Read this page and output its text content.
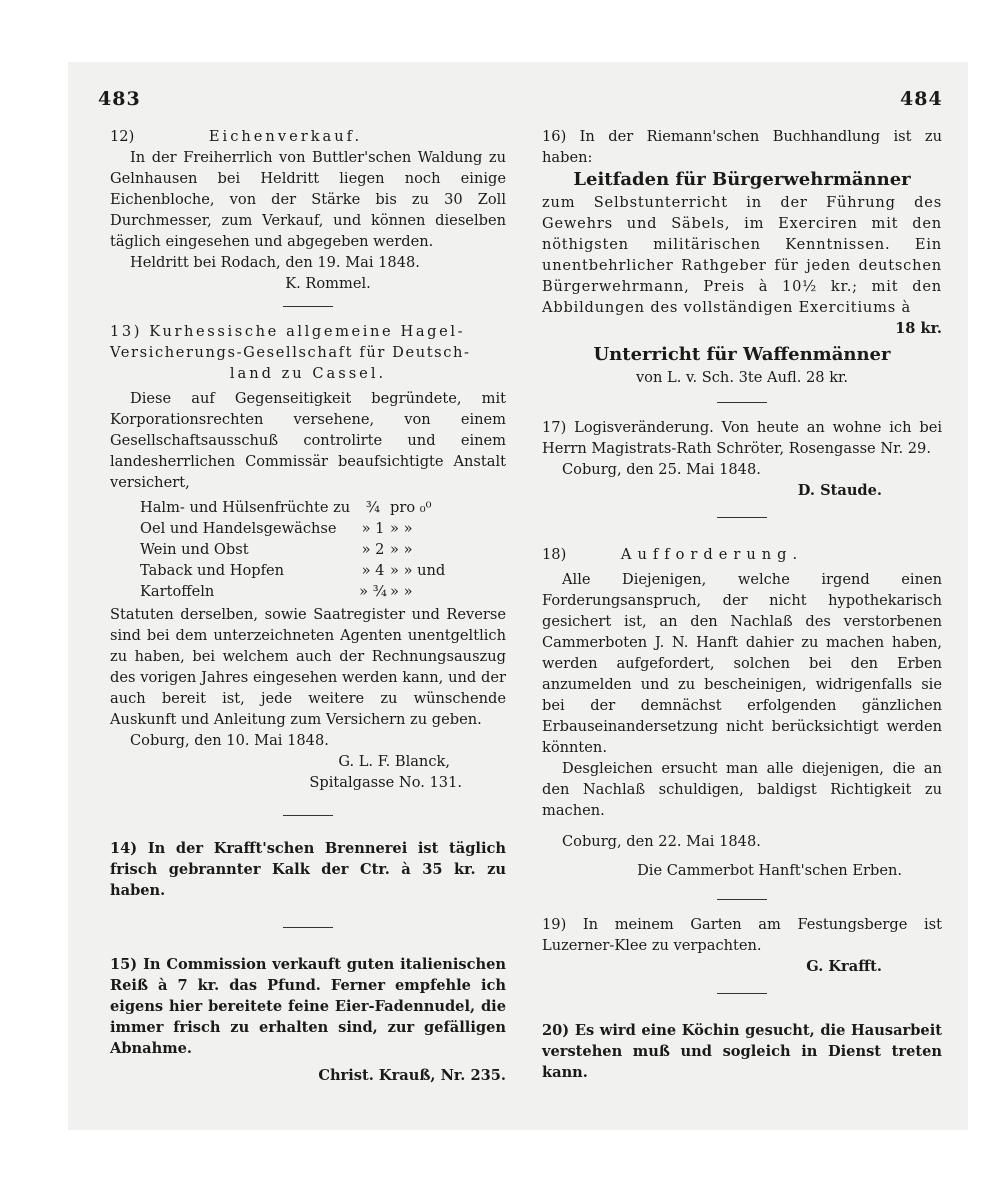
483	484

12)	Eichenverkauf.

In der Freiherrlich von Buttler'schen Waldung zu Gelnhausen bei Heldritt liegen noch einige Eichenbloche, von der Stärke bis zu 30 Zoll Durchmesser, zum Verkauf, und können dieselben täglich eingesehen und abgegeben werden.

Heldritt bei Rodach, den 19. Mai 1848.

K. Rommel.

13) Kurhessische allgemeine Hagel-

Versicherungs-Gesellschaft für Deutsch-

land zu Cassel.

Diese auf Gegenseitigkeit begründete, mit Korporationsrechten versehene, von einem Gesellschaftsausschuß controlirte und einem landesherrlichen Commissär beaufsichtigte Anstalt versichert,

Halm- und Hülsenfrüchte zu	¾ pro ₀⁰
Oel und Handelsgewächse	» 1 » »
Wein und Obst	» 2 » »
Taback und Hopfen	» 4 » » und
Kartoffeln	» ¾ » »

Statuten derselben, sowie Saatregister und Reverse sind bei dem unterzeichneten Agenten unentgeltlich zu haben, bei welchem auch der Rechnungsauszug des vorigen Jahres eingesehen werden kann, und der auch bereit ist, jede weitere zu wünschende Auskunft und Anleitung zum Versichern zu geben.

Coburg, den 10. Mai 1848.

G. L. F. Blanck,

Spitalgasse No. 131.

14) In der Krafft'schen Brennerei ist täglich frisch gebrannter Kalk der Ctr. à 35 kr. zu haben.

15) In Commission verkauft guten italienischen Reiß à 7 kr. das Pfund. Ferner empfehle ich eigens hier bereitete feine Eier-Fadennudel, die immer frisch zu erhalten sind, zur gefälligen Abnahme.

Christ. Krauß, Nr. 235.

16) In der Riemann'schen Buchhandlung ist zu haben:

Leitfaden für Bürgerwehrmänner

zum Selbstunterricht in der Führung des Gewehrs und Säbels, im Exerciren mit den nöthigsten militärischen Kenntnissen. Ein unentbehrlicher Rathgeber für jeden deutschen Bürgerwehrmann, Preis à 10½ kr.; mit den Abbildungen des vollständigen Exercitiums à

18 kr.

Unterricht für Waffenmänner

von L. v. Sch. 3te Aufl. 28 kr.

17) Logisveränderung. Von heute an wohne ich bei Herrn Magistrats-Rath Schröter, Rosengasse Nr. 29.

Coburg, den 25. Mai 1848.

D. Staude.

18)	Aufforderung.

Alle Diejenigen, welche irgend einen Forderungsanspruch, der nicht hypothekarisch gesichert ist, an den Nachlaß des verstorbenen Cammerboten J. N. Hanft dahier zu machen haben, werden aufgefordert, solchen bei den Erben anzumelden und zu bescheinigen, widrigenfalls sie bei der demnächst erfolgenden gänzlichen Erbauseinandersetzung nicht berücksichtigt werden könnten.

Desgleichen ersucht man alle diejenigen, die an den Nachlaß schuldigen, baldigst Richtigkeit zu machen.

Coburg, den 22. Mai 1848.

Die Cammerbot Hanft'schen Erben.

19) In meinem Garten am Festungsberge ist Luzerner-Klee zu verpachten.

G. Krafft.

20) Es wird eine Köchin gesucht, die Hausarbeit verstehen muß und sogleich in Dienst treten kann.
